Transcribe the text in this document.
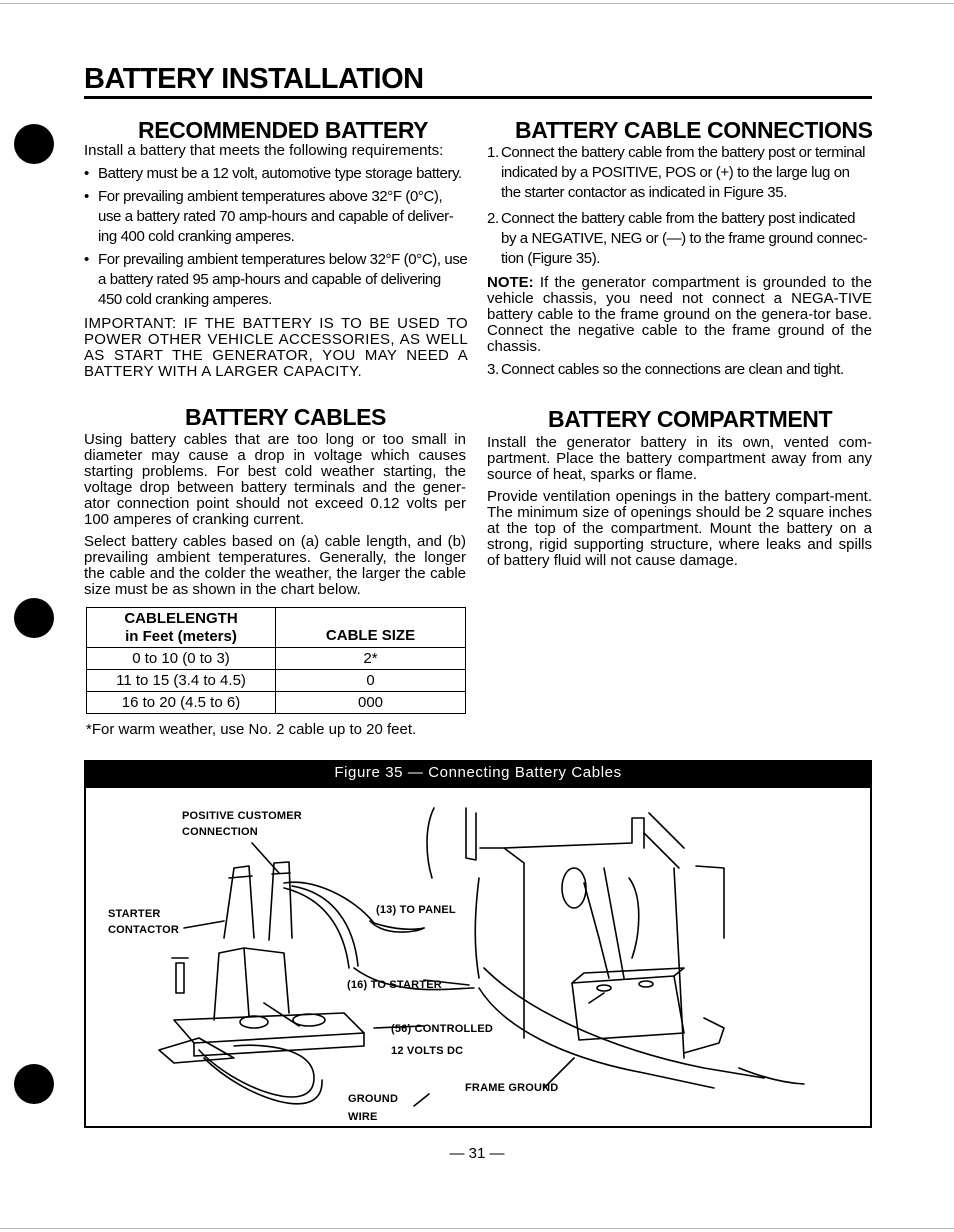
BATTERY INSTALLATION
RECOMMENDED BATTERY

Install a battery that meets the following requirements:

• Battery must be a 12 volt, automotive type storage battery.
• For prevailing ambient temperatures above 32°F (0°C), use a battery rated 70 amp-hours and capable of deliver-ing 400 cold cranking amperes.
• For prevailing ambient temperatures below 32°F (0°C), use a battery rated 95 amp-hours and capable of delivering 450 cold cranking amperes.

IMPORTANT: IF THE BATTERY IS TO BE USED TO POWER OTHER VEHICLE ACCESSORIES, AS WELL AS START THE GENERATOR, YOU MAY NEED A BATTERY WITH A LARGER CAPACITY.

BATTERY CABLES

Using battery cables that are too long or too small in diameter may cause a drop in voltage which causes starting problems. For best cold weather starting, the voltage drop between battery terminals and the gener-ator connection point should not exceed 0.12 volts per 100 amperes of cranking current.

Select battery cables based on (a) cable length, and (b) prevailing ambient temperatures. Generally, the longer the cable and the colder the weather, the larger the cable size must be as shown in the chart below.

CABLELENGTH
in Feet (meters)	CABLE SIZE
0 to 10 (0 to 3)	2*
11 to 15 (3.4 to 4.5)	0
16 to 20 (4.5 to 6)	000
*For warm weather, use No. 2 cable up to 20 feet.
BATTERY CABLE CONNECTIONS
1. Connect the battery cable from the battery post or terminal indicated by a POSITIVE, POS or (+) to the large lug on the starter contactor as indicated in Figure 35.
2. Connect the battery cable from the battery post indicated by a NEGATIVE, NEG or (—) to the frame ground connec-tion (Figure 35).

NOTE: If the generator compartment is grounded to the vehicle chassis, you need not connect a NEGA-TIVE battery cable to the frame ground on the genera-tor base. Connect the negative cable to the frame ground of the chassis.

3. Connect cables so the connections are clean and tight.
BATTERY COMPARTMENT

Install the generator battery in its own, vented com-partment. Place the battery compartment away from any source of heat, sparks or flame.

Provide ventilation openings in the battery compart-ment. The minimum size of openings should be 2 square inches at the top of the compartment. Mount the battery on a strong, rigid supporting structure, where leaks and spills of battery fluid will not cause damage.

Figure 35 — Connecting Battery Cables
POSITIVE CUSTOMER
CONNECTION
STARTER
CONTACTOR
(13) TO PANEL
(16) TO STARTER
(56) CONTROLLED
12 VOLTS DC
GROUND
WIRE
FRAME GROUND
— 31 —
